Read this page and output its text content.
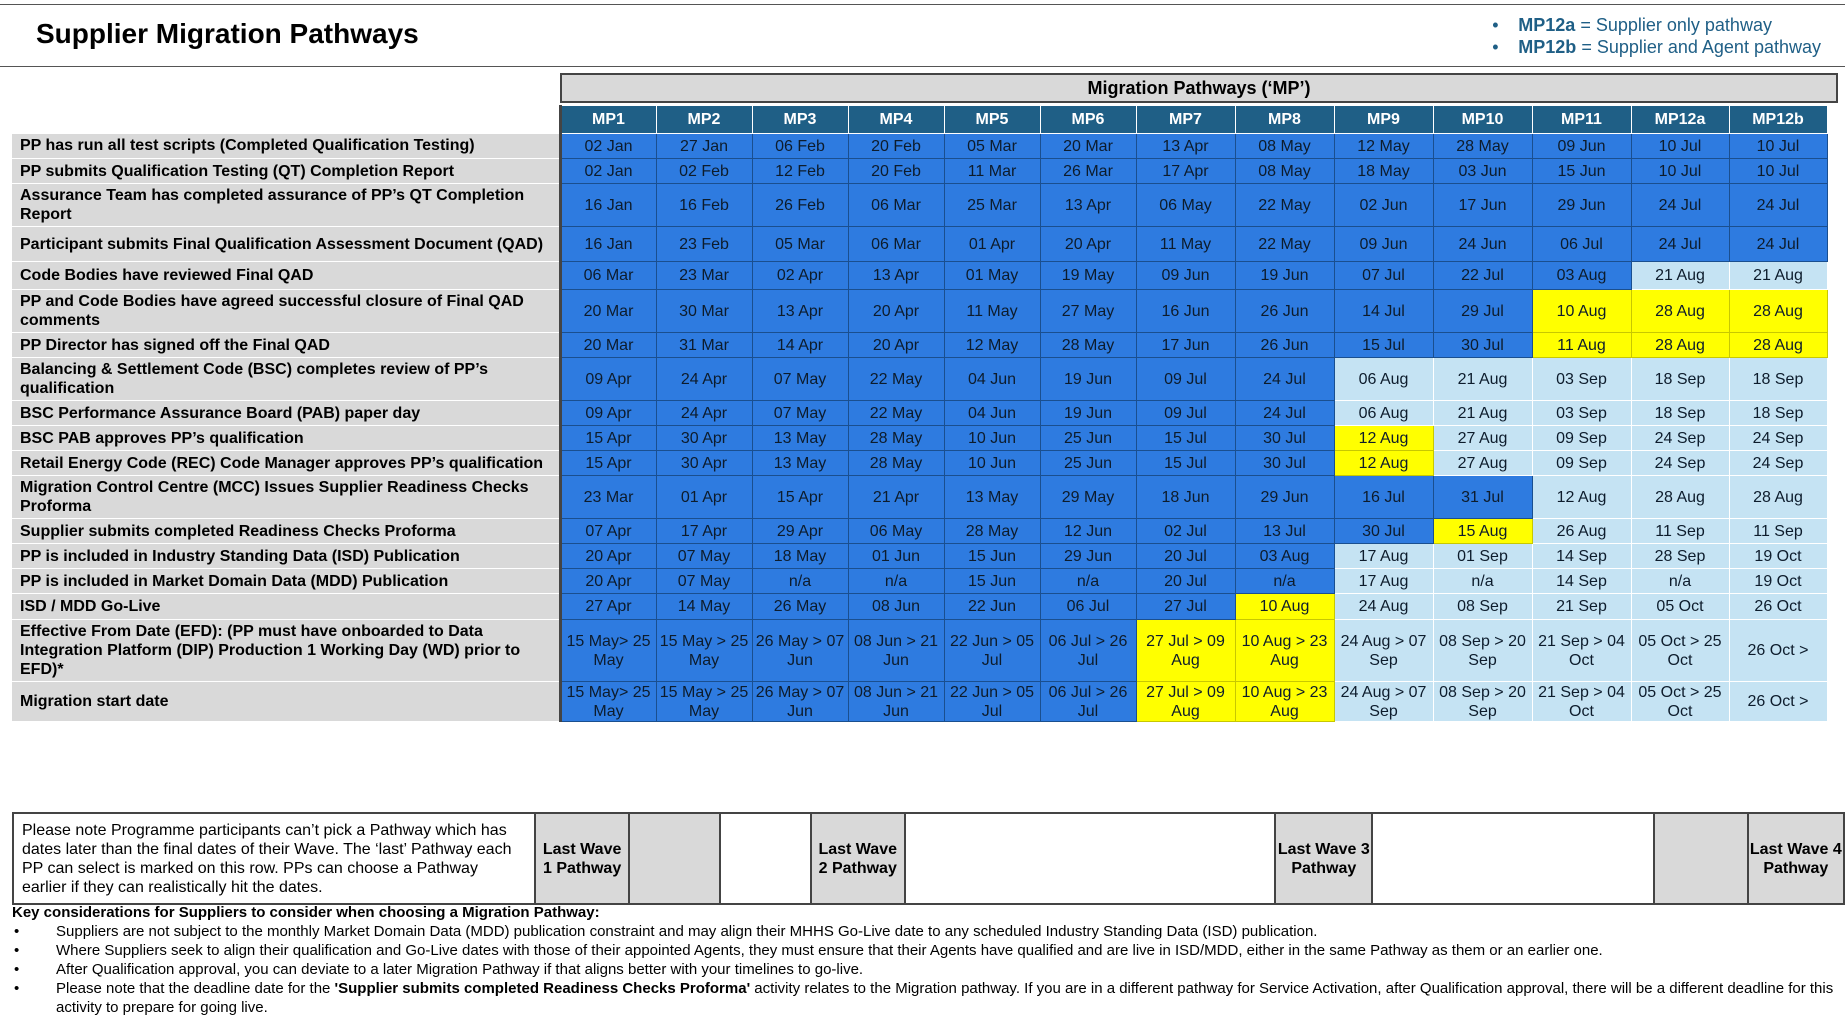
Supplier Migration Pathways	• MP12a = Supplier only pathway
• MP12b = Supplier and Agent pathway
Migration Pathways (‘MP’)
	MP1	MP2	MP3	MP4	MP5	MP6	MP7	MP8	MP9	MP10	MP11	MP12a	MP12b
PP has run all test scripts (Completed Qualification Testing)	02 Jan	27 Jan	06 Feb	20 Feb	05 Mar	20 Mar	13 Apr	08 May	12 May	28 May	09 Jun	10 Jul	10 Jul
PP submits Qualification Testing (QT) Completion Report	02 Jan	02 Feb	12 Feb	20 Feb	11 Mar	26 Mar	17 Apr	08 May	18 May	03 Jun	15 Jun	10 Jul	10 Jul
Assurance Team has completed assurance of PP’s QT Completion Report	16 Jan	16 Feb	26 Feb	06 Mar	25 Mar	13 Apr	06 May	22 May	02 Jun	17 Jun	29 Jun	24 Jul	24 Jul
Participant submits Final Qualification Assessment Document (QAD)	16 Jan	23 Feb	05 Mar	06 Mar	01 Apr	20 Apr	11 May	22 May	09 Jun	24 Jun	06 Jul	24 Jul	24 Jul
Code Bodies have reviewed Final QAD	06 Mar	23 Mar	02 Apr	13 Apr	01 May	19 May	09 Jun	19 Jun	07 Jul	22 Jul	03 Aug	21 Aug	21 Aug
PP and Code Bodies have agreed successful closure of Final QAD comments	20 Mar	30 Mar	13 Apr	20 Apr	11 May	27 May	16 Jun	26 Jun	14 Jul	29 Jul	10 Aug	28 Aug	28 Aug
PP Director has signed off the Final QAD	20 Mar	31 Mar	14 Apr	20 Apr	12 May	28 May	17 Jun	26 Jun	15 Jul	30 Jul	11 Aug	28 Aug	28 Aug
Balancing & Settlement Code (BSC) completes review of PP’s qualification	09 Apr	24 Apr	07 May	22 May	04 Jun	19 Jun	09 Jul	24 Jul	06 Aug	21 Aug	03 Sep	18 Sep	18 Sep
BSC Performance Assurance Board (PAB) paper day	09 Apr	24 Apr	07 May	22 May	04 Jun	19 Jun	09 Jul	24 Jul	06 Aug	21 Aug	03 Sep	18 Sep	18 Sep
BSC PAB approves PP’s qualification	15 Apr	30 Apr	13 May	28 May	10 Jun	25 Jun	15 Jul	30 Jul	12 Aug	27 Aug	09 Sep	24 Sep	24 Sep
Retail Energy Code (REC) Code Manager approves PP’s qualification	15 Apr	30 Apr	13 May	28 May	10 Jun	25 Jun	15 Jul	30 Jul	12 Aug	27 Aug	09 Sep	24 Sep	24 Sep
Migration Control Centre (MCC) Issues Supplier Readiness Checks Proforma	23 Mar	01 Apr	15 Apr	21 Apr	13 May	29 May	18 Jun	29 Jun	16 Jul	31 Jul	12 Aug	28 Aug	28 Aug
Supplier submits completed Readiness Checks Proforma	07 Apr	17 Apr	29 Apr	06 May	28 May	12 Jun	02 Jul	13 Jul	30 Jul	15 Aug	26 Aug	11 Sep	11 Sep
PP is included in Industry Standing Data (ISD) Publication	20 Apr	07 May	18 May	01 Jun	15 Jun	29 Jun	20 Jul	03 Aug	17 Aug	01 Sep	14 Sep	28 Sep	19 Oct
PP is included in Market Domain Data (MDD) Publication	20 Apr	07 May	n/a	n/a	15 Jun	n/a	20 Jul	n/a	17 Aug	n/a	14 Sep	n/a	19 Oct
ISD / MDD Go-Live	27 Apr	14 May	26 May	08 Jun	22 Jun	06 Jul	27 Jul	10 Aug	24 Aug	08 Sep	21 Sep	05 Oct	26 Oct
Effective From Date (EFD): (PP must have onboarded to Data Integration Platform (DIP) Production 1 Working Day (WD) prior to EFD)*	15 May> 25 May	15 May > 25 May	26 May > 07 Jun	08 Jun > 21 Jun	22 Jun > 05 Jul	06 Jul > 26 Jul	27 Jul > 09 Aug	10 Aug > 23 Aug	24 Aug > 07 Sep	08 Sep > 20 Sep	21 Sep > 04 Oct	05 Oct > 25 Oct	26 Oct >
Migration start date	15 May> 25 May	15 May > 25 May	26 May > 07 Jun	08 Jun > 21 Jun	22 Jun > 05 Jul	06 Jul > 26 Jul	27 Jul > 09 Aug	10 Aug > 23 Aug	24 Aug > 07 Sep	08 Sep > 20 Sep	21 Sep > 04 Oct	05 Oct > 25 Oct	26 Oct >
Please note Programme participants can’t pick a Pathway which has dates later than the final dates of their Wave. The ‘last’ Pathway each PP can select is marked on this row. PPs can choose a Pathway earlier if they can realistically hit the dates.	Last Wave 1 Pathway			Last Wave 2 Pathway		Last Wave 3 Pathway			Last Wave 4 Pathway
Key considerations for Suppliers to consider when choosing a Migration Pathway:
• Suppliers are not subject to the monthly Market Domain Data (MDD) publication constraint and may align their MHHS Go-Live date to any scheduled Industry Standing Data (ISD) publication.
• Where Suppliers seek to align their qualification and Go-Live dates with those of their appointed Agents, they must ensure that their Agents have qualified and are live in ISD/MDD, either in the same Pathway as them or an earlier one.
• After Qualification approval, you can deviate to a later Migration Pathway if that aligns better with your timelines to go-live.
• Please note that the deadline date for the 'Supplier submits completed Readiness Checks Proforma' activity relates to the Migration pathway. If you are in a different pathway for Service Activation, after Qualification approval, there will be a different deadline for this activity to prepare for going live.
